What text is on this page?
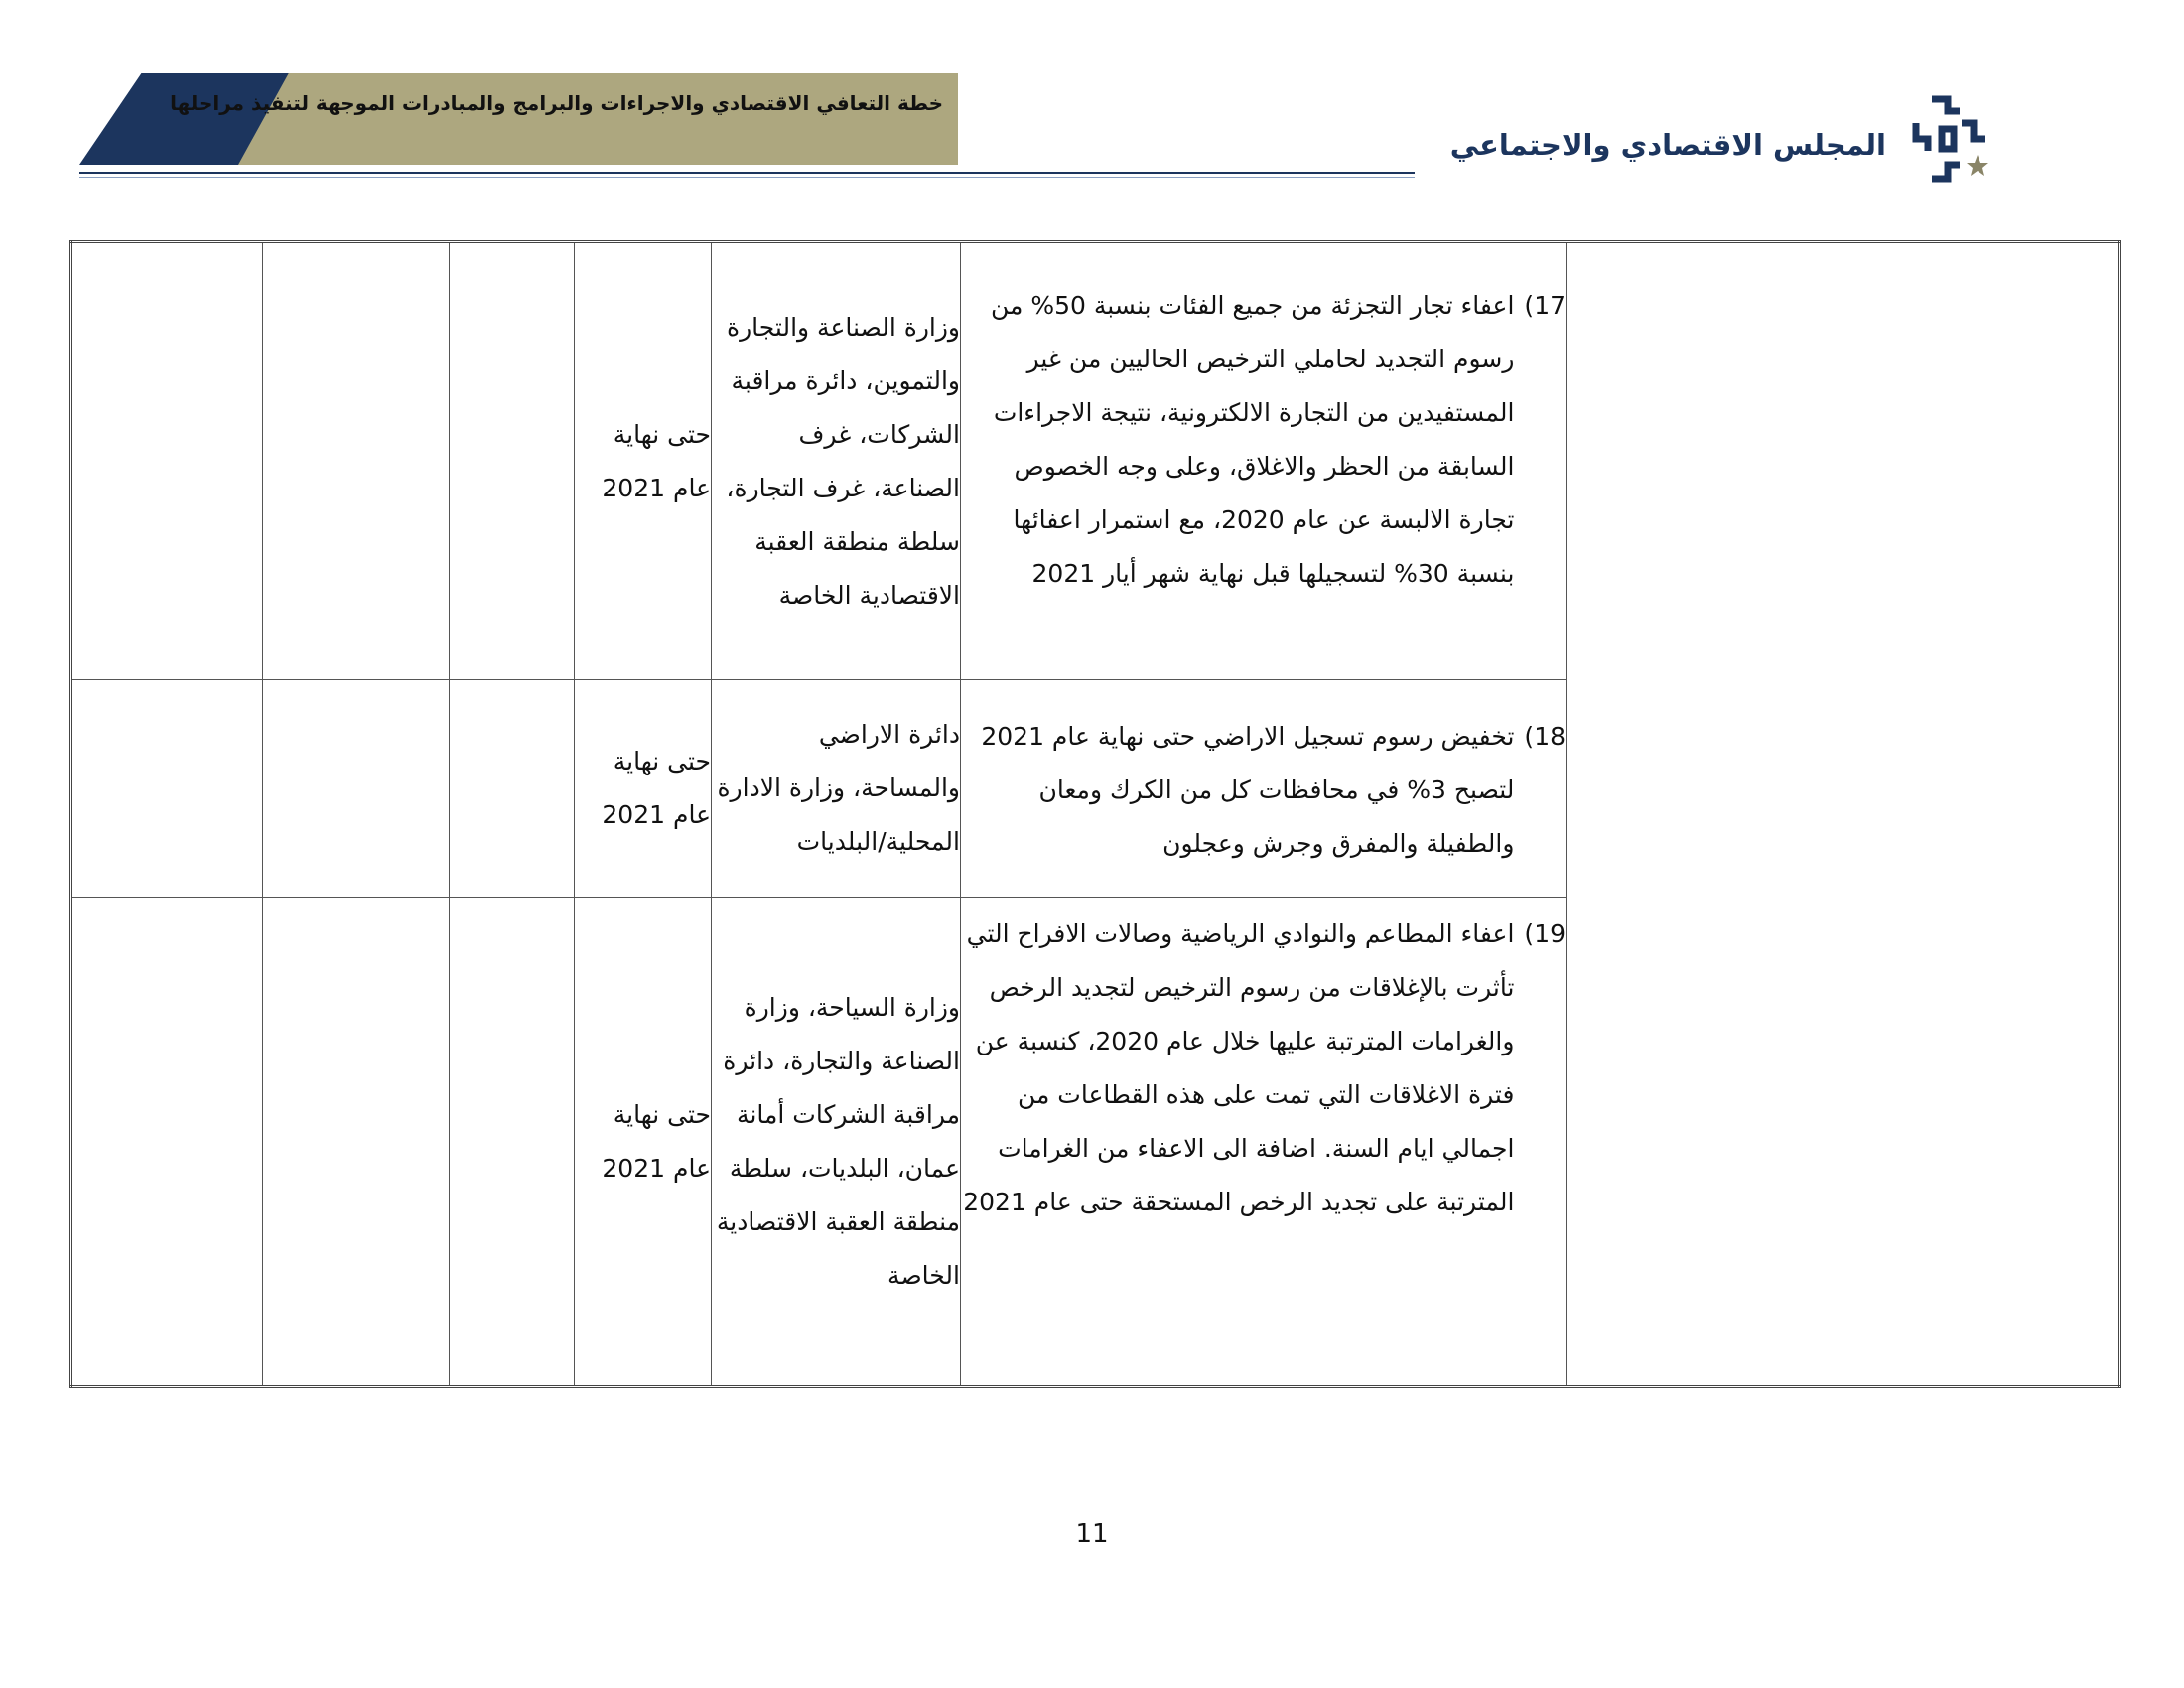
خطة التعافي الاقتصادي والاجراءات والبرامج والمبادرات الموجهة لتنفيذ مراحلها
المجلس الاقتصادي والاجتماعي
			حتى نهاية عام 2021	وزارة الصناعة والتجارة والتموين، دائرة مراقبة الشركات، غرف الصناعة، غرف التجارة، سلطة منطقة العقبة الاقتصادية الخاصة	17)
اعفاء تجار التجزئة من جميع الفئات بنسبة 50% من رسوم التجديد لحاملي الترخيص الحاليين من غير المستفيدين من التجارة الالكترونية، نتيجة الاجراءات السابقة من الحظر والاغلاق، وعلى وجه الخصوص تجارة الالبسة عن عام 2020، مع استمرار اعفائها بنسبة 30% لتسجيلها قبل نهاية شهر أيار 2021	

			حتى نهاية عام 2021	دائرة الاراضي والمساحة، وزارة الادارة المحلية/البلديات	18)
تخفيض رسوم تسجيل الاراضي حتى نهاية عام 2021 لتصبح 3% في محافظات كل من الكرك ومعان والطفيلة والمفرق وجرش وعجلون	

			حتى نهاية عام 2021	وزارة السياحة، وزارة الصناعة والتجارة، دائرة مراقبة الشركات أمانة عمان، البلديات، سلطة منطقة العقبة الاقتصادية الخاصة	19)
اعفاء المطاعم والنوادي الرياضية وصالات الافراح التي تأثرت بالإغلاقات من رسوم الترخيص لتجديد الرخص والغرامات المترتبة عليها خلال عام 2020، كنسبة عن فترة الاغلاقات التي تمت على هذه القطاعات من اجمالي ايام السنة. اضافة الى الاعفاء من الغرامات المترتبة على تجديد الرخص المستحقة حتى عام 2021	
11
